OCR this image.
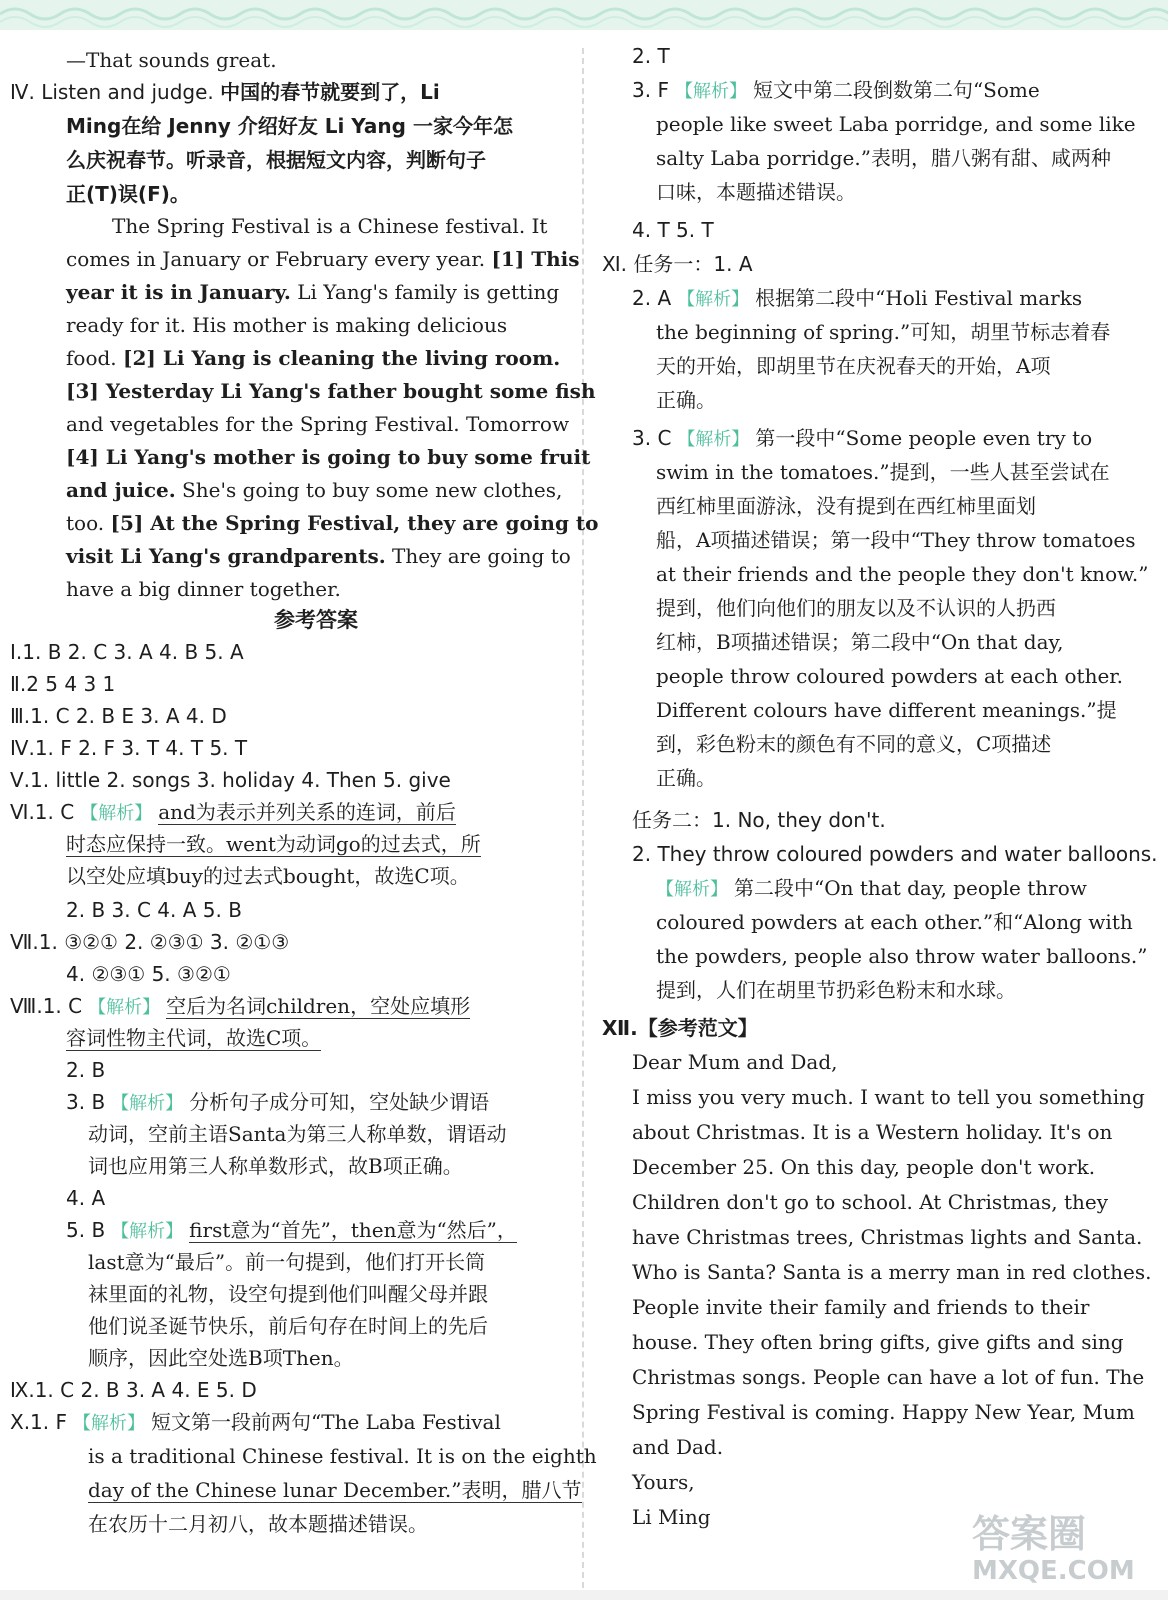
—That sounds great.
Ⅳ. Listen and judge. 中国的春节就要到了，Li
Ming在给 Jenny 介绍好友 Li Yang 一家今年怎
么庆祝春节。听录音，根据短文内容，判断句子
正(T)误(F)。
The Spring Festival is a Chinese festival. It
comes in January or February every year. [1] This
year it is in January. Li Yang's family is getting
ready for it. His mother is making delicious
food. [2] Li Yang is cleaning the living room.
[3] Yesterday Li Yang's father bought some fish
and vegetables for the Spring Festival. Tomorrow
[4] Li Yang's mother is going to buy some fruit
and juice. She's going to buy some new clothes,
too. [5] At the Spring Festival, they are going to
visit Li Yang's grandparents. They are going to
have a big dinner together.
参考答案
Ⅰ.1. B 2. C 3. A 4. B 5. A
Ⅱ.2 5 4 3 1
Ⅲ.1. C 2. B E 3. A 4. D
Ⅳ.1. F 2. F 3. T 4. T 5. T
Ⅴ.1. little 2. songs 3. holiday 4. Then 5. give
Ⅵ.1. C 【解析】 and为表示并列关系的连词，前后
时态应保持一致。went为动词go的过去式，所
以空处应填buy的过去式bought，故选C项。
2. B 3. C 4. A 5. B
Ⅶ.1. ③②① 2. ②③① 3. ②①③
4. ②③① 5. ③②①
Ⅷ.1. C 【解析】 空后为名词children，空处应填形
容词性物主代词，故选C项。
2. B
3. B 【解析】 分析句子成分可知，空处缺少谓语
动词，空前主语Santa为第三人称单数，谓语动
词也应用第三人称单数形式，故B项正确。
4. A
5. B 【解析】 first意为“首先”，then意为“然后”，
last意为“最后”。前一句提到，他们打开长筒
袜里面的礼物，设空句提到他们叫醒父母并跟
他们说圣诞节快乐，前后句存在时间上的先后
顺序，因此空处选B项Then。
Ⅸ.1. C 2. B 3. A 4. E 5. D
Ⅹ.1. F 【解析】 短文第一段前两句“The Laba Festival
is a traditional Chinese festival. It is on the eighth
day of the Chinese lunar December.”表明，腊八节
在农历十二月初八，故本题描述错误。
2. T
3. F 【解析】 短文中第二段倒数第二句“Some
people like sweet Laba porridge, and some like
salty Laba porridge.”表明，腊八粥有甜、咸两种
口味，本题描述错误。
4. T 5. T
Ⅺ. 任务一：1. A
2. A 【解析】 根据第二段中“Holi Festival marks
the beginning of spring.”可知，胡里节标志着春
天的开始，即胡里节在庆祝春天的开始，A项
正确。
3. C 【解析】 第一段中“Some people even try to
swim in the tomatoes.”提到，一些人甚至尝试在
西红柿里面游泳，没有提到在西红柿里面划
船，A项描述错误；第一段中“They throw tomatoes
at their friends and the people they don't know.”
提到，他们向他们的朋友以及不认识的人扔西
红柿，B项描述错误；第二段中“On that day,
people throw coloured powders at each other.
Different colours have different meanings.”提
到，彩色粉末的颜色有不同的意义，C项描述
正确。
任务二：1. No, they don't.
2. They throw coloured powders and water balloons.
【解析】 第二段中“On that day, people throw
coloured powders at each other.”和“Along with
the powders, people also throw water balloons.”
提到，人们在胡里节扔彩色粉末和水球。
Ⅻ.【参考范文】
Dear Mum and Dad,
I miss you very much. I want to tell you something
about Christmas. It is a Western holiday. It's on
December 25. On this day, people don't work.
Children don't go to school. At Christmas, they
have Christmas trees, Christmas lights and Santa.
Who is Santa? Santa is a merry man in red clothes.
People invite their family and friends to their
house. They often bring gifts, give gifts and sing
Christmas songs. People can have a lot of fun. The
Spring Festival is coming. Happy New Year, Mum
and Dad.
Yours,
Li Ming	答案圈
MXQE.COM
